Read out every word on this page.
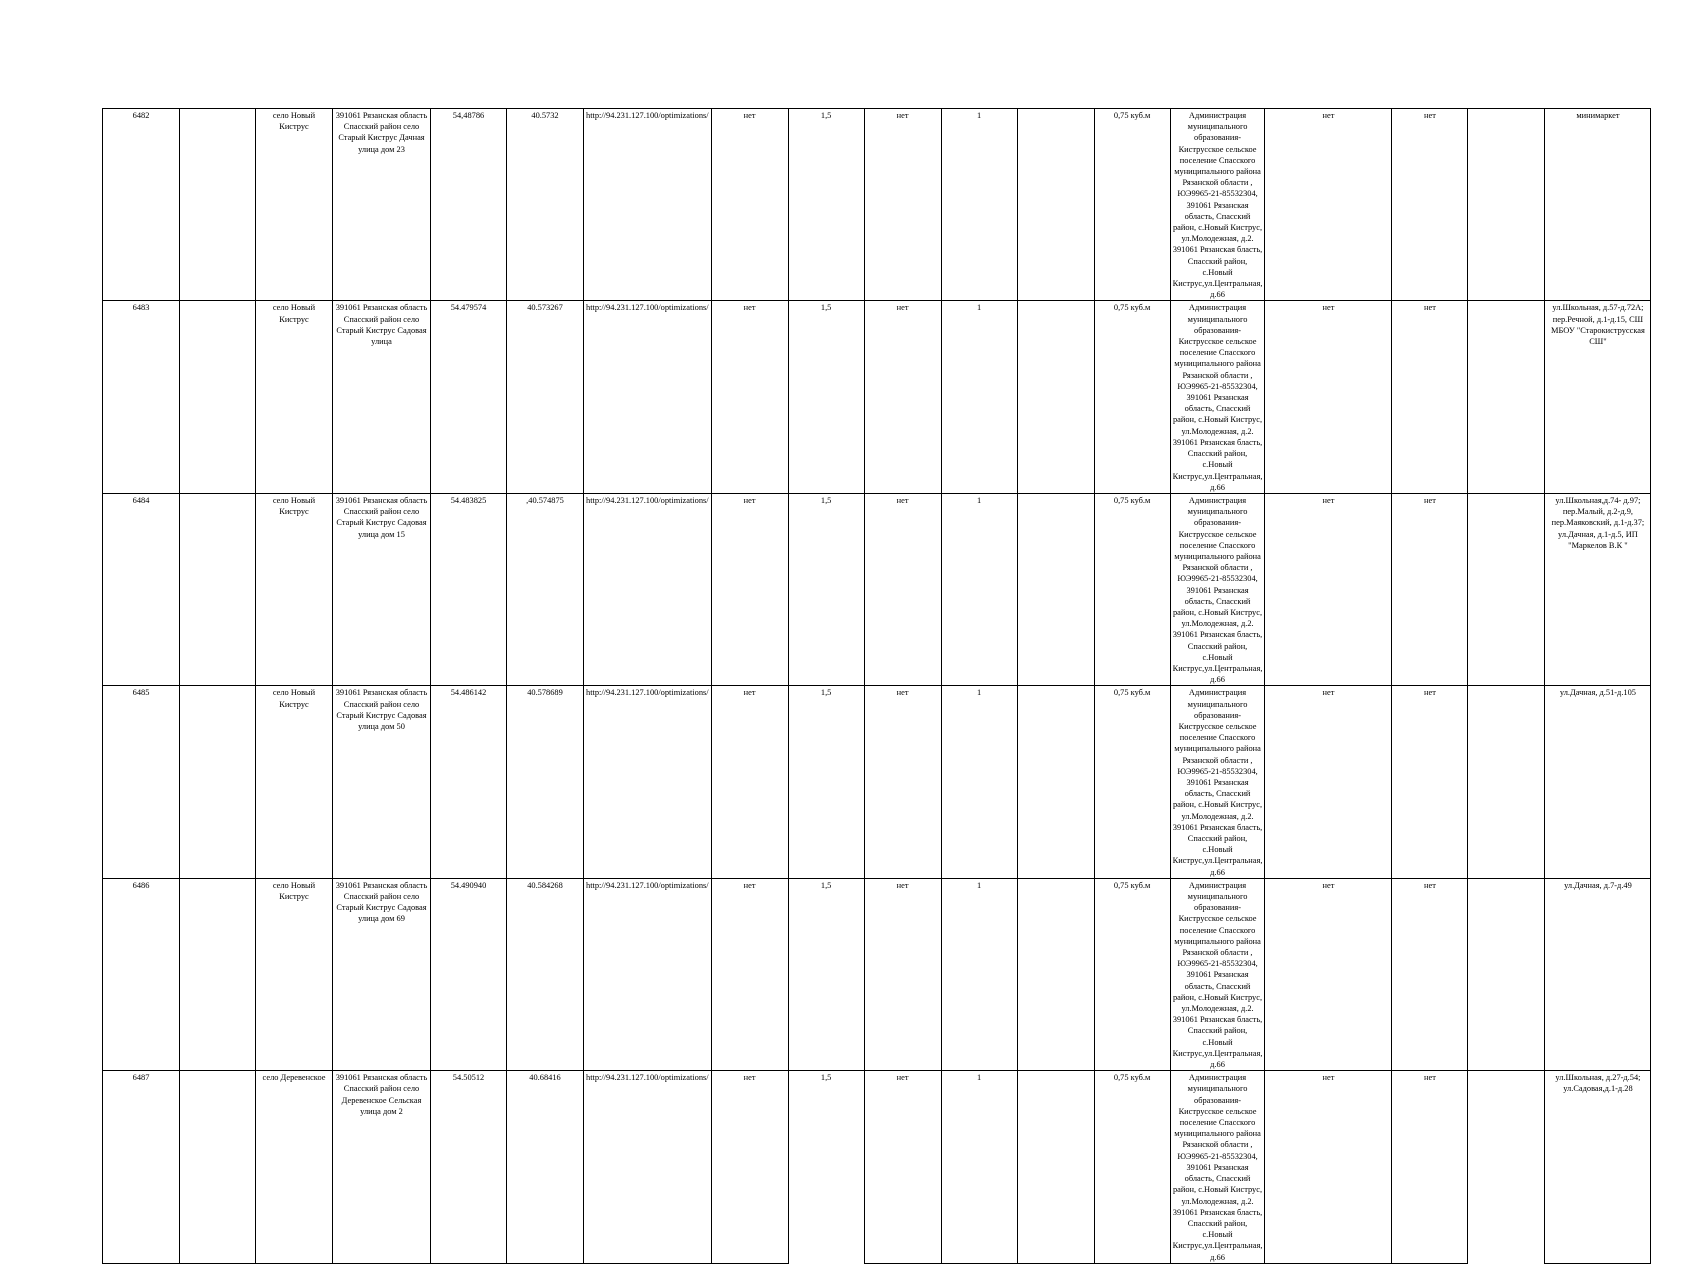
6482		село Новый Киструс	391061 Рязанская область Спасский район село Старый Киструс Дачная улица дом 23	54,48786	40.5732	http://94.231.127.100/optimizations/	нет	1,5	нет	1		0,75 куб.м	Администрация муниципального образования- Киструсское сельское поселение Спасского муниципального района Рязанской области , ЮЭ9965-21-85532304, 391061 Рязанская область, Спасский район, с.Новый Киструс, ул.Молодежная, д.2. 391061 Рязанская бласть, Спасский район, с.Новый Киструс,ул.Центральная, д.66	нет	нет		минимаркет
6483		село Новый Киструс	391061 Рязанская область Спасский район село Старый Киструс Садовая улица	54.479574	40.573267	http://94.231.127.100/optimizations/	нет	1,5	нет	1		0,75 куб.м	Администрация муниципального образования- Киструсское сельское поселение Спасского муниципального района Рязанской области , ЮЭ9965-21-85532304, 391061 Рязанская область, Спасский район, с.Новый Киструс, ул.Молодежная, д.2. 391061 Рязанская бласть, Спасский район, с.Новый Киструс,ул.Центральная, д.66	нет	нет		ул.Школьная, д.57-д.72А; пер.Речной, д.1-д.15, СШ МБОУ "Старокиструсская СШ"
6484		село Новый Киструс	391061 Рязанская область Спасский район село Старый Киструс Садовая улица дом 15	54.483825	,40.574875	http://94.231.127.100/optimizations/	нет	1,5	нет	1		0,75 куб.м	Администрация муниципального образования- Киструсское сельское поселение Спасского муниципального района Рязанской области , ЮЭ9965-21-85532304, 391061 Рязанская область, Спасский район, с.Новый Киструс, ул.Молодежная, д.2. 391061 Рязанская бласть, Спасский район, с.Новый Киструс,ул.Центральная, д.66	нет	нет		ул.Школьная,д.74- д.97; пер.Малый, д.2-д.9, пер.Маяковский, д.1-д.37; ул.Дачная, д.1-д.5, ИП "Маркелов В.К "
6485		село Новый Киструс	391061 Рязанская область Спасский район село Старый Киструс Садовая улица дом 50	54.486142	40.578689	http://94.231.127.100/optimizations/	нет	1,5	нет	1		0,75 куб.м	Администрация муниципального образования- Киструсское сельское поселение Спасского муниципального района Рязанской области , ЮЭ9965-21-85532304, 391061 Рязанская область, Спасский район, с.Новый Киструс, ул.Молодежная, д.2. 391061 Рязанская бласть, Спасский район, с.Новый Киструс,ул.Центральная, д.66	нет	нет		ул.Дачная, д.51-д.105
6486		село Новый Киструс	391061 Рязанская область Спасский район село Старый Киструс Садовая улица дом 69	54.490940	40.584268	http://94.231.127.100/optimizations/	нет	1,5	нет	1		0,75 куб.м	Администрация муниципального образования- Киструсское сельское поселение Спасского муниципального района Рязанской области , ЮЭ9965-21-85532304, 391061 Рязанская область, Спасский район, с.Новый Киструс, ул.Молодежная, д.2. 391061 Рязанская бласть, Спасский район, с.Новый Киструс,ул.Центральная, д.66	нет	нет		ул.Дачная, д.7-д.49
6487		село Деревенское	391061 Рязанская область Спасский район село Деревенское Сельская улица дом 2	54.50512	40.68416	http://94.231.127.100/optimizations/	нет	1,5	нет	1		0,75 куб.м	Администрация муниципального образования- Киструсское сельское поселение Спасского муниципального района Рязанской области , ЮЭ9965-21-85532304, 391061 Рязанская область, Спасский район, с.Новый Киструс, ул.Молодежная, д.2. 391061 Рязанская бласть, Спасский район, с.Новый Киструс,ул.Центральная, д.66	нет	нет		ул.Школьная, д.27-д.54; ул.Садовая,д.1-д.28
